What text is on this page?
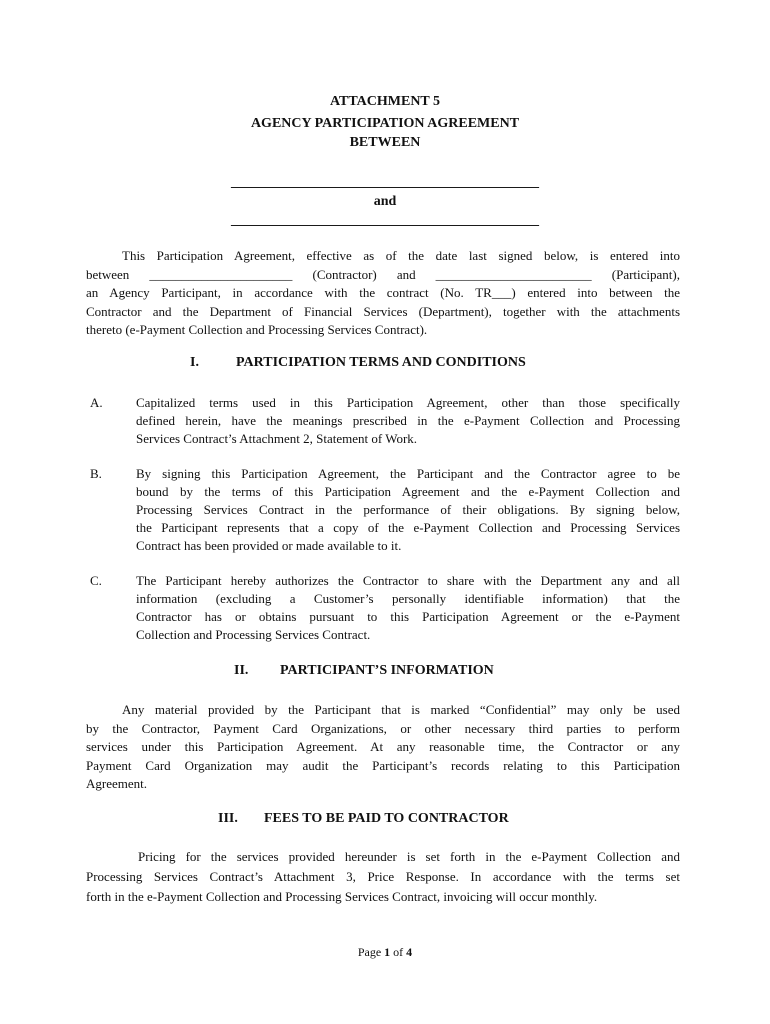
ATTACHMENT 5
AGENCY PARTICIPATION AGREEMENT
BETWEEN
____________________________________________
and
____________________________________________
This Participation Agreement, effective as of the date last signed below, is entered into
between ______________________ (Contractor) and ________________________ (Participant),
an Agency Participant, in accordance with the contract (No. TR___) entered into between the
Contractor and the Department of Financial Services (Department), together with the attachments
thereto (e-Payment Collection and Processing Services Contract).
I.	PARTICIPATION TERMS AND CONDITIONS
A.	Capitalized terms used in this Participation Agreement, other than those specifically
defined herein, have the meanings prescribed in the e-Payment Collection and Processing
Services Contract’s Attachment 2, Statement of Work.
B.	By signing this Participation Agreement, the Participant and the Contractor agree to be
bound by the terms of this Participation Agreement and the e-Payment Collection and
Processing Services Contract in the performance of their obligations. By signing below,
the Participant represents that a copy of the e-Payment Collection and Processing Services
Contract has been provided or made available to it.
C.	The Participant hereby authorizes the Contractor to share with the Department any and all
information (excluding a Customer’s personally identifiable information) that the
Contractor has or obtains pursuant to this Participation Agreement or the e-Payment
Collection and Processing Services Contract.
II. PARTICIPANT’S INFORMATION
Any material provided by the Participant that is marked “Confidential” may only be used
by the Contractor, Payment Card Organizations, or other necessary third parties to perform
services under this Participation Agreement. At any reasonable time, the Contractor or any
Payment Card Organization may audit the Participant’s records relating to this Participation
Agreement.
III. FEES TO BE PAID TO CONTRACTOR
Pricing for the services provided hereunder is set forth in the e-Payment Collection and
Processing Services Contract’s Attachment 3, Price Response. In accordance with the terms set
forth in the e-Payment Collection and Processing Services Contract, invoicing will occur monthly.
Page 1 of 4
